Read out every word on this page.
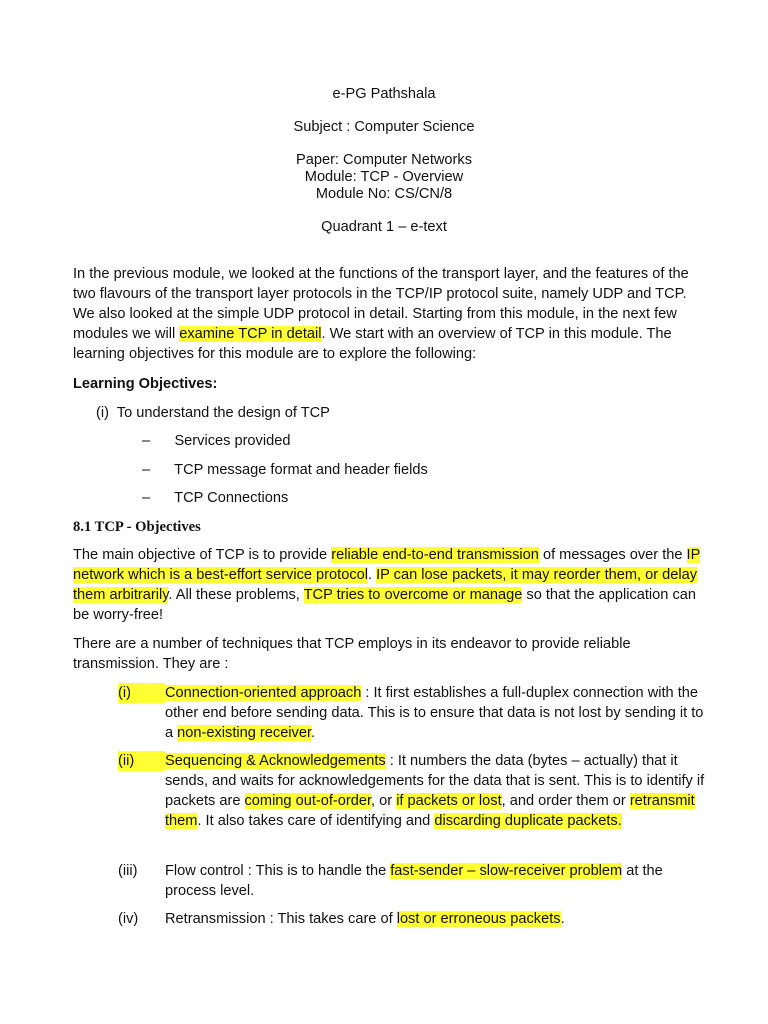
e-PG Pathshala

Subject : Computer Science

Paper: Computer Networks

Module: TCP - Overview

Module No: CS/CN/8

Quadrant 1 – e-text

In the previous module, we looked at the functions of the transport layer, and the features of the two flavours of the transport layer protocols in the TCP/IP protocol suite, namely UDP and TCP. We also looked at the simple UDP protocol in detail. Starting from this module, in the next few modules we will examine TCP in detail. We start with an overview of TCP in this module. The learning objectives for this module are to explore the following:

Learning Objectives:
(i)  To understand the design of TCP
–      Services provided
–      TCP message format and header fields
–      TCP Connections
8.1 TCP - Objectives

The main objective of TCP is to provide reliable end-to-end transmission of messages over the IP network which is a best-effort service protocol. IP can lose packets, it may reorder them, or delay them arbitrarily. All these problems, TCP tries to overcome or manage so that the application can be worry-free!

There are a number of techniques that TCP employs in its endeavor to provide reliable transmission. They are :
(i)	Connection-oriented approach : It first establishes a full-duplex connection with the other end before sending data. This is to ensure that data is not lost by sending it to a non-existing receiver.
(ii)	Sequencing & Acknowledgements : It numbers the data (bytes – actually) that it sends, and waits for acknowledgements for the data that is sent. This is to identify if packets are coming out-of-order, or if packets or lost, and order them or retransmit them. It also takes care of identifying and discarding duplicate packets.
(iii) Flow control : This is to handle the fast-sender – slow-receiver problem at the process level.
(iv) Retransmission : This takes care of lost or erroneous packets.
